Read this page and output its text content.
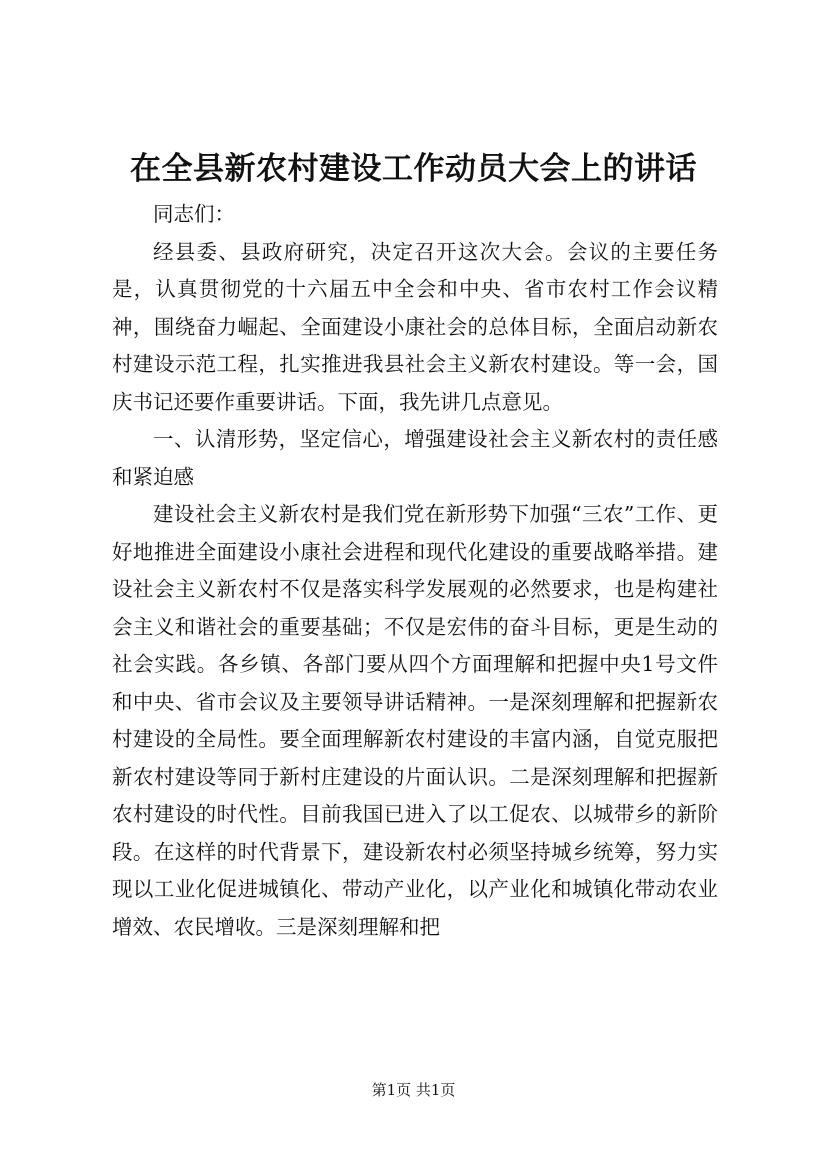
在全县新农村建设工作动员大会上的讲话

同志们：

经县委、县政府研究，决定召开这次大会。会议的主要任务是，认真贯彻党的十六届五中全会和中央、省市农村工作会议精神，围绕奋力崛起、全面建设小康社会的总体目标，全面启动新农村建设示范工程，扎实推进我县社会主义新农村建设。等一会，国庆书记还要作重要讲话。下面，我先讲几点意见。

一、认清形势，坚定信心，增强建设社会主义新农村的责任感和紧迫感

建设社会主义新农村是我们党在新形势下加强“三农”工作、更好地推进全面建设小康社会进程和现代化建设的重要战略举措。建设社会主义新农村不仅是落实科学发展观的必然要求，也是构建社会主义和谐社会的重要基础；不仅是宏伟的奋斗目标，更是生动的社会实践。各乡镇、各部门要从四个方面理解和把握中央1号文件和中央、省市会议及主要领导讲话精神。一是深刻理解和把握新农村建设的全局性。要全面理解新农村建设的丰富内涵，自觉克服把新农村建设等同于新村庄建设的片面认识。二是深刻理解和把握新农村建设的时代性。目前我国已进入了以工促农、以城带乡的新阶段。在这样的时代背景下，建设新农村必须坚持城乡统筹，努力实现以工业化促进城镇化、带动产业化，以产业化和城镇化带动农业增效、农民增收。三是深刻理解和把

第1页 共1页
